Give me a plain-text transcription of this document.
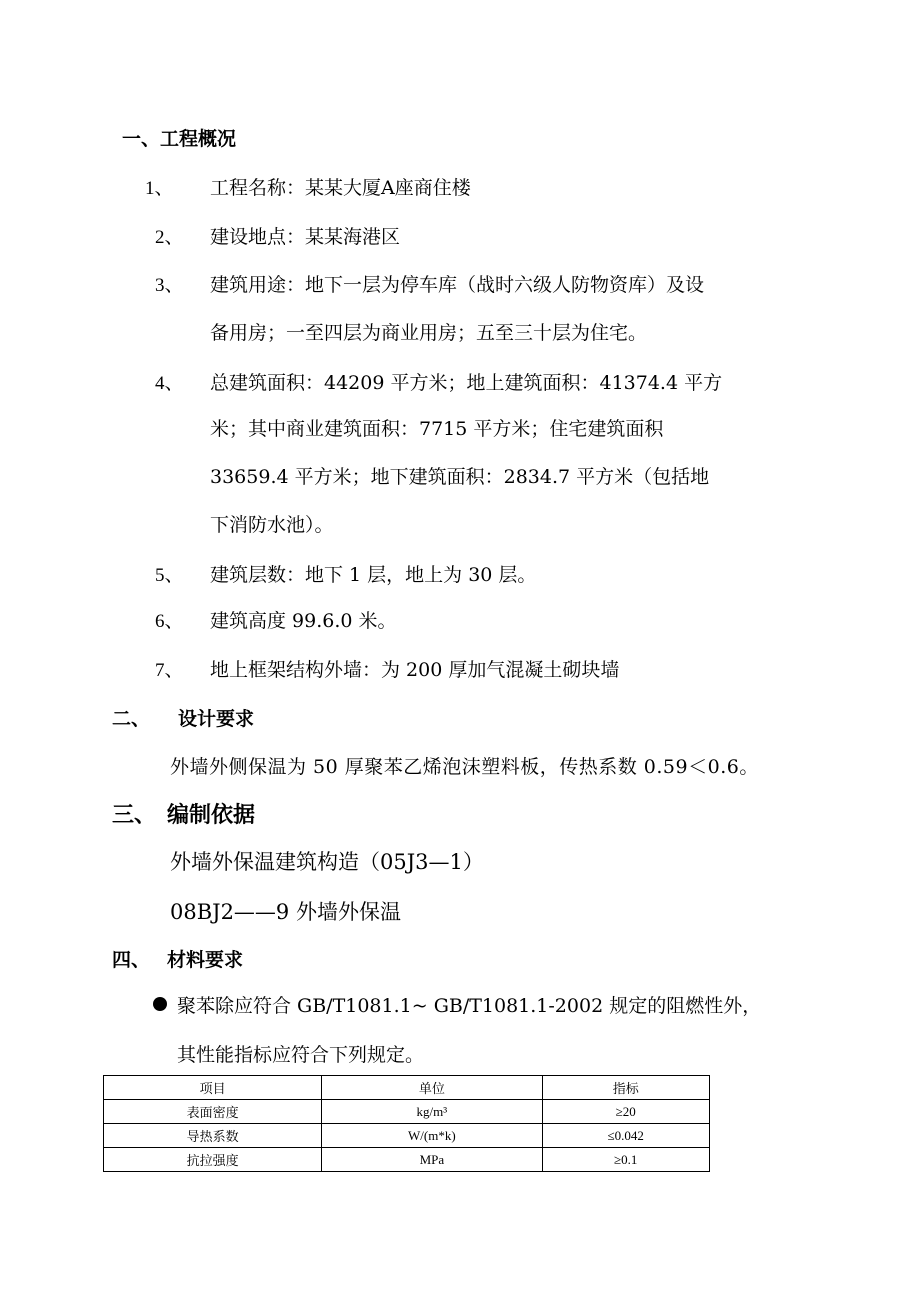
一、工程概况
1、 工程名称：某某大厦A座商住楼
2、 建设地点：某某海港区
3、 建筑用途：地下一层为停车库（战时六级人防物资库）及设
备用房；一至四层为商业用房；五至三十层为住宅。
4、 总建筑面积：44209 平方米；地上建筑面积：41374.4 平方
米；其中商业建筑面积：7715 平方米；住宅建筑面积
33659.4 平方米；地下建筑面积：2834.7 平方米（包括地
下消防水池）。
5、 建筑层数：地下 1 层，地上为 30 层。
6、 建筑高度 99.6.0 米。
7、 地上框架结构外墙：为 200 厚加气混凝土砌块墙
二、 设计要求
外墙外侧保温为 50 厚聚苯乙烯泡沫塑料板，传热系数 0.59＜0.6。
三、 编制依据
外墙外保温建筑构造（05J3—1）
08BJ2——9 外墙外保温
四、 材料要求
聚苯除应符合 GB/T1081.1~ GB/T1081.1-2002 规定的阻燃性外，
其性能指标应符合下列规定。
项目	单位	指标
表面密度	kg/m³	≥20
导热系数	W/(m*k)	≤0.042
抗拉强度	MPa	≥0.1
